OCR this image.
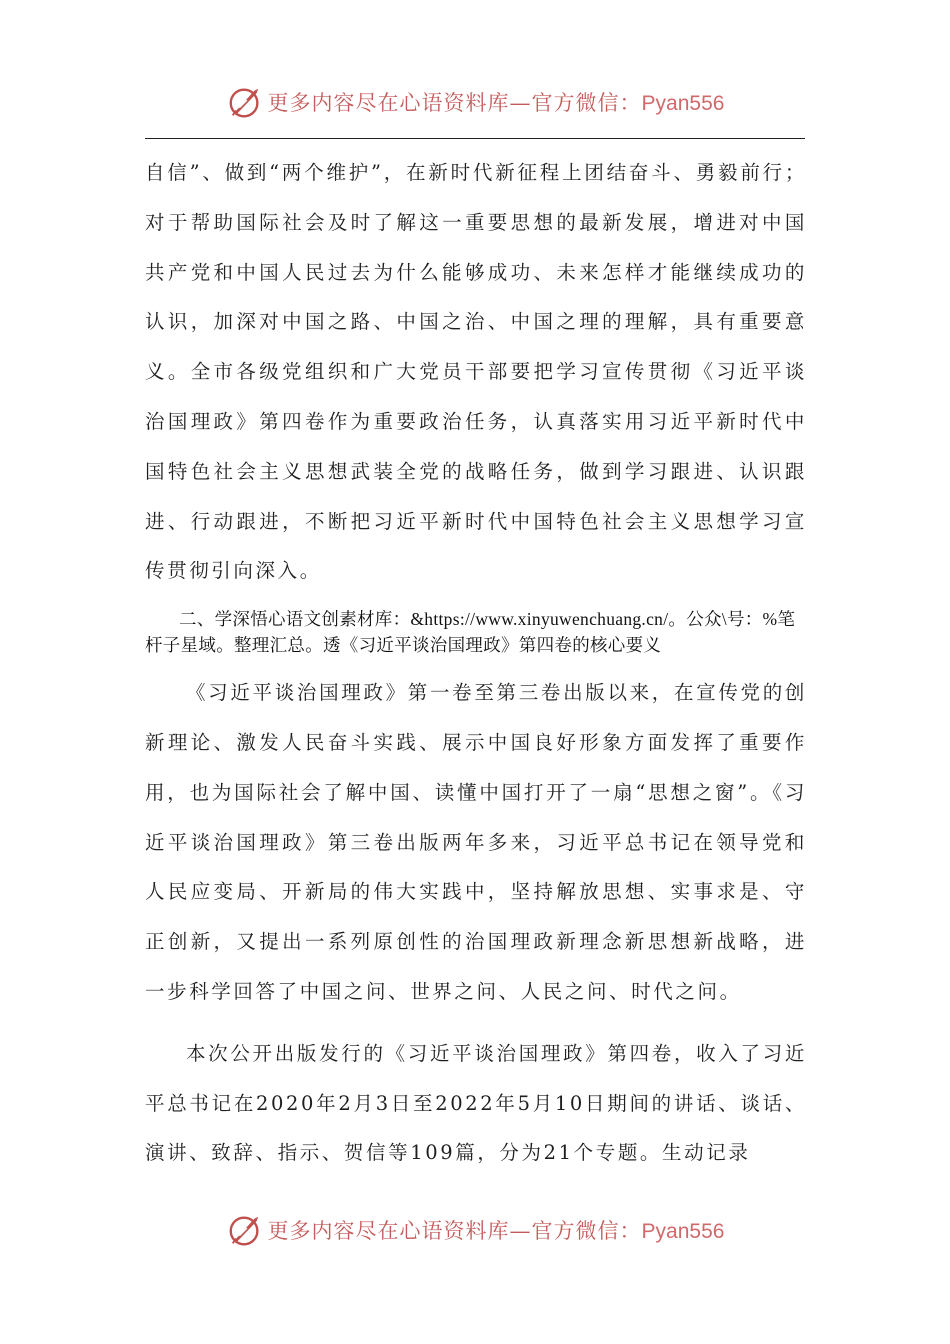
更多内容尽在心语资料库—官方微信：Pyan556

自信”、做到“两个维护”，在新时代新征程上团结奋斗、勇毅前行；对于帮助国际社会及时了解这一重要思想的最新发展，增进对中国共产党和中国人民过去为什么能够成功、未来怎样才能继续成功的认识，加深对中国之路、中国之治、中国之理的理解，具有重要意义。全市各级党组织和广大党员干部要把学习宣传贯彻《习近平谈治国理政》第四卷作为重要政治任务，认真落实用习近平新时代中国特色社会主义思想武装全党的战略任务，做到学习跟进、认识跟进、行动跟进，不断把习近平新时代中国特色社会主义思想学习宣传贯彻引向深入。

二、学深悟心语文创素材库：&https://www.xinyuwenchuang.cn/。公众\号：%笔杆子星域。整理汇总。透《习近平谈治国理政》第四卷的核心要义

《习近平谈治国理政》第一卷至第三卷出版以来，在宣传党的创新理论、激发人民奋斗实践、展示中国良好形象方面发挥了重要作用，也为国际社会了解中国、读懂中国打开了一扇“思想之窗”。《习近平谈治国理政》第三卷出版两年多来，习近平总书记在领导党和人民应变局、开新局的伟大实践中，坚持解放思想、实事求是、守正创新，又提出一系列原创性的治国理政新理念新思想新战略，进一步科学回答了中国之问、世界之问、人民之问、时代之问。

本次公开出版发行的《习近平谈治国理政》第四卷，收入了习近平总书记在2020年2月3日至2022年5月10日期间的讲话、谈话、演讲、致辞、指示、贺信等109篇，分为21个专题。生动记录

更多内容尽在心语资料库—官方微信：Pyan556
